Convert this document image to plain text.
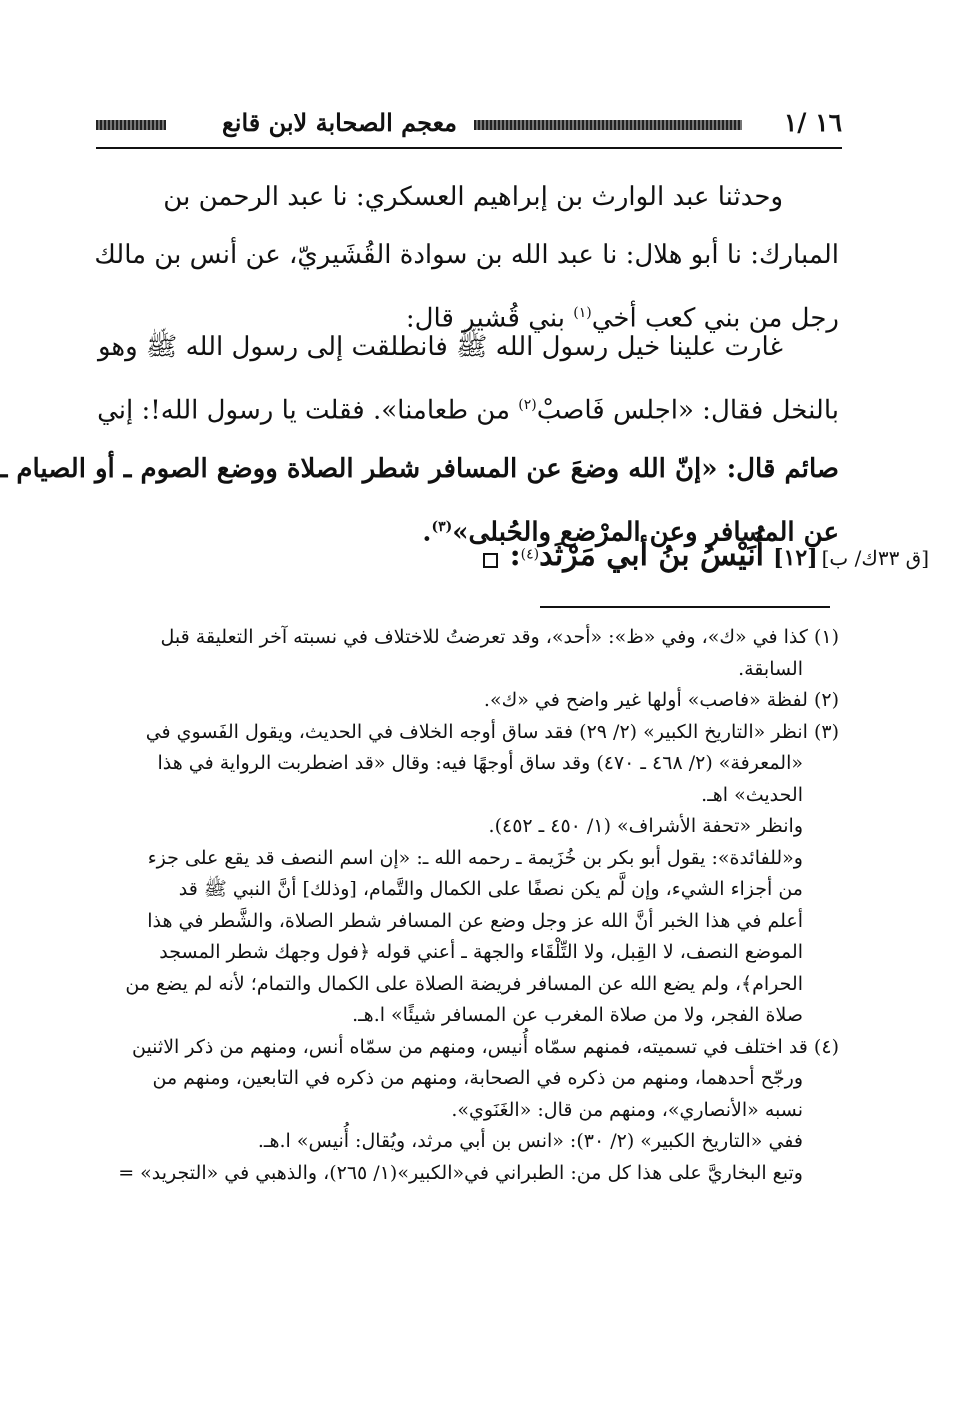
١٦ /١
معجم الصحابة لابن قانع
وحدثنا عبد الوارث بن إبراهيم العسكري: نا عبد الرحمن بن
المبارك: نا أبو هلال: نا عبد الله بن سوادة القُشَيريّ، عن أنس بن مالك
رجل من بني كعب أخي$^{(١)}$ بني قُشير قال:
غارت علينا خيل رسول الله ﷺ فانطلقت إلى رسول الله ﷺ وهو
بالنخل فقال: «اجلس فَاصبْ$^{(٢)}$ من طعامنا». فقلت يا رسول الله!: إني
صائم قال: «إنّ الله وضعَ عن المسافر شطر الصلاة ووضع الصوم ـ أو الصيام ـ
عن المسافر وعن المرْضع والحُبلى»$^{(٣)}$.
[ق ٣٣ك/ ب][١٢] أُنَيْسُ بنُ أبي مَرْثَد$^{(٤)}$:
(١) كذا في «ك»، وفي «ظ»: «أحد»، وقد تعرضتُ للاختلاف في نسبته آخر التعليقة قبل
السابقة.
(٢) لفظة «فاصب» أولها غير واضح في «ك».
(٣) انظر «التاريخ الكبير» (٢/ ٢٩) فقد ساق أوجه الخلاف في الحديث، ويقول الفَسوي في
«المعرفة» (٢/ ٤٦٨ ـ ٤٧٠) وقد ساق أوجهًا فيه: وقال «قد اضطربت الرواية في هذا
الحديث» اهـ.
وانظر «تحفة الأشراف» (١/ ٤٥٠ ـ ٤٥٢).
و«للفائدة»: يقول أبو بكر بن خُزَيمة ـ رحمه الله ـ: «إن اسم النصف قد يقع على جزء
من أجزاء الشيء، وإن لَّم يكن نصفًا على الكمال والتَّمام، [وذلك] أنَّ النبي ﷺ قد
أعلم في هذا الخبر أنَّ الله عز وجل وضع عن المسافر شطر الصلاة، والشَّطر في هذا
الموضع النصف، لا القِبل، ولا التِّلْقَاء والجهة ـ أعني قوله ﴿فول وجهك شطر المسجد
الحرام﴾، ولم يضع الله عن المسافر فريضة الصلاة على الكمال والتمام؛ لأنه لم يضع من
صلاة الفجر، ولا من صلاة المغرب عن المسافر شيئًا» ا.هـ.
(٤) قد اختلف في تسميته، فمنهم سمّاه أُنيس، ومنهم من سمّاه أنس، ومنهم من ذكر الاثنين
ورجّح أحدهما، ومنهم من ذكره في الصحابة، ومنهم من ذكره في التابعين، ومنهم من
نسبه «الأنصاري»، ومنهم من قال: «الغَنَوي».
ففي «التاريخ الكبير» (٢/ ٣٠): «انس بن أبي مرثد، ويُقال: أُنيس» ا.هـ.
وتبع البخاريَّ على هذا كل من: الطبراني في«الكبير»(١/ ٢٦٥)، والذهبي في «التجريد» =
